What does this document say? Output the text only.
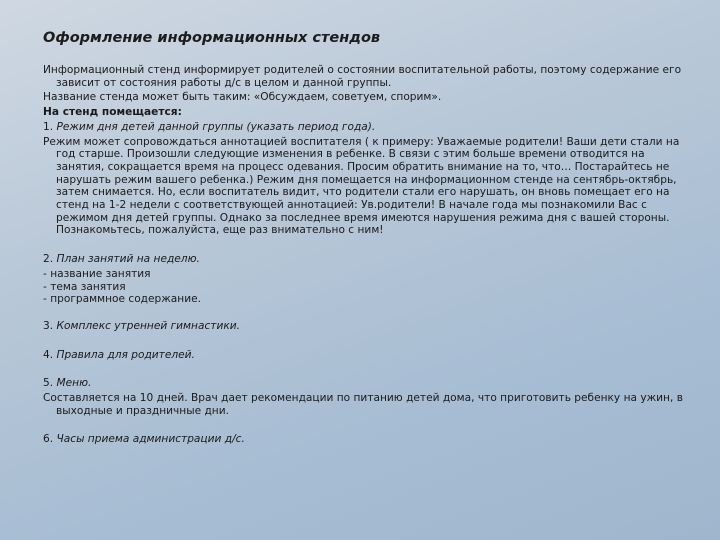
Оформление информационных стендов

Информационный стенд информирует родителей о состоянии воспитательной работы, поэтому содержание его зависит от состояния работы д/с в целом и данной группы.

Название стенда может быть таким: «Обсуждаем, советуем, спорим».

На стенд помещается:

1. Режим дня детей данной группы (указать период года).

Режим может сопровождаться аннотацией воспитателя ( к примеру: Уважаемые родители! Ваши дети стали на год старше. Произошли следующие изменения в ребенке. В связи с этим больше времени отводится на занятия, сокращается время на процесс одевания. Просим обратить внимание на то, что… Постарайтесь не нарушать режим вашего ребенка.) Режим дня помещается на информационном стенде на сентябрь-октябрь, затем снимается. Но, если воспитатель видит, что родители стали его нарушать, он вновь помещает его на стенд на 1-2 недели с соответствующей аннотацией: Ув.родители! В начале года мы познакомили Вас с режимом дня детей группы. Однако за последнее время имеются нарушения режима дня с вашей стороны. Познакомьтесь, пожалуйста, еще раз внимательно с ним!

2. План занятий на неделю.

- название занятия

- тема занятия

- программное содержание.

3. Комплекс утренней гимнастики.

4. Правила для родителей.

5. Меню.

Составляется на 10 дней. Врач дает рекомендации по питанию детей дома, что приготовить ребенку на ужин, в выходные и праздничные дни.

6. Часы приема администрации д/с.
